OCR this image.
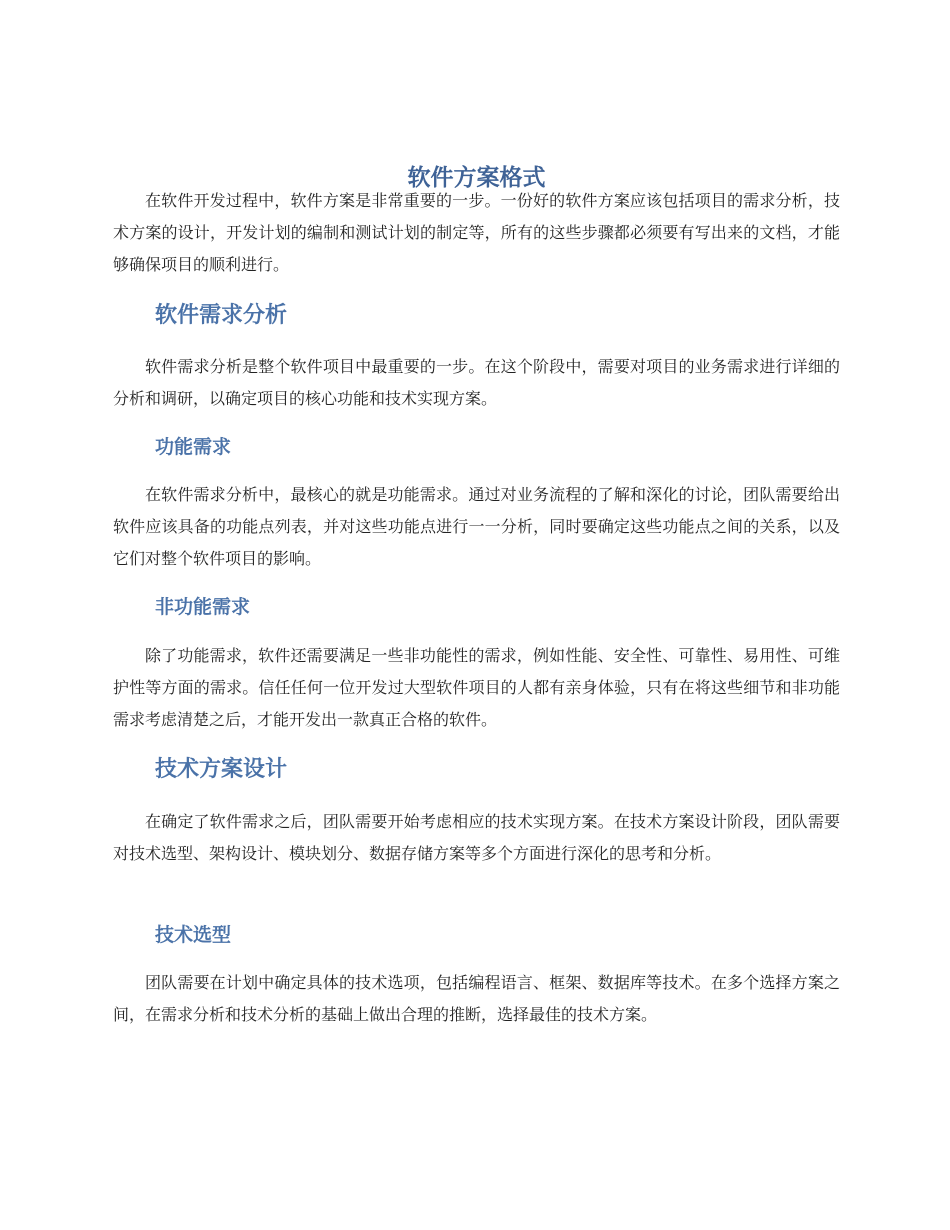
软件方案格式

在软件开发过程中，软件方案是非常重要的一步。一份好的软件方案应该包括项目的需求分析，技术方案的设计，开发计划的编制和测试计划的制定等，所有的这些步骤都必须要有写出来的文档，才能够确保项目的顺利进行。

软件需求分析

软件需求分析是整个软件项目中最重要的一步。在这个阶段中，需要对项目的业务需求进行详细的分析和调研，以确定项目的核心功能和技术实现方案。

功能需求

在软件需求分析中，最核心的就是功能需求。通过对业务流程的了解和深化的讨论，团队需要给出软件应该具备的功能点列表，并对这些功能点进行一一分析，同时要确定这些功能点之间的关系，以及它们对整个软件项目的影响。

非功能需求

除了功能需求，软件还需要满足一些非功能性的需求，例如性能、安全性、可靠性、易用性、可维护性等方面的需求。信任任何一位开发过大型软件项目的人都有亲身体验，只有在将这些细节和非功能需求考虑清楚之后，才能开发出一款真正合格的软件。

技术方案设计

在确定了软件需求之后，团队需要开始考虑相应的技术实现方案。在技术方案设计阶段，团队需要对技术选型、架构设计、模块划分、数据存储方案等多个方面进行深化的思考和分析。

技术选型

团队需要在计划中确定具体的技术选项，包括编程语言、框架、数据库等技术。在多个选择方案之间，在需求分析和技术分析的基础上做出合理的推断，选择最佳的技术方案。
